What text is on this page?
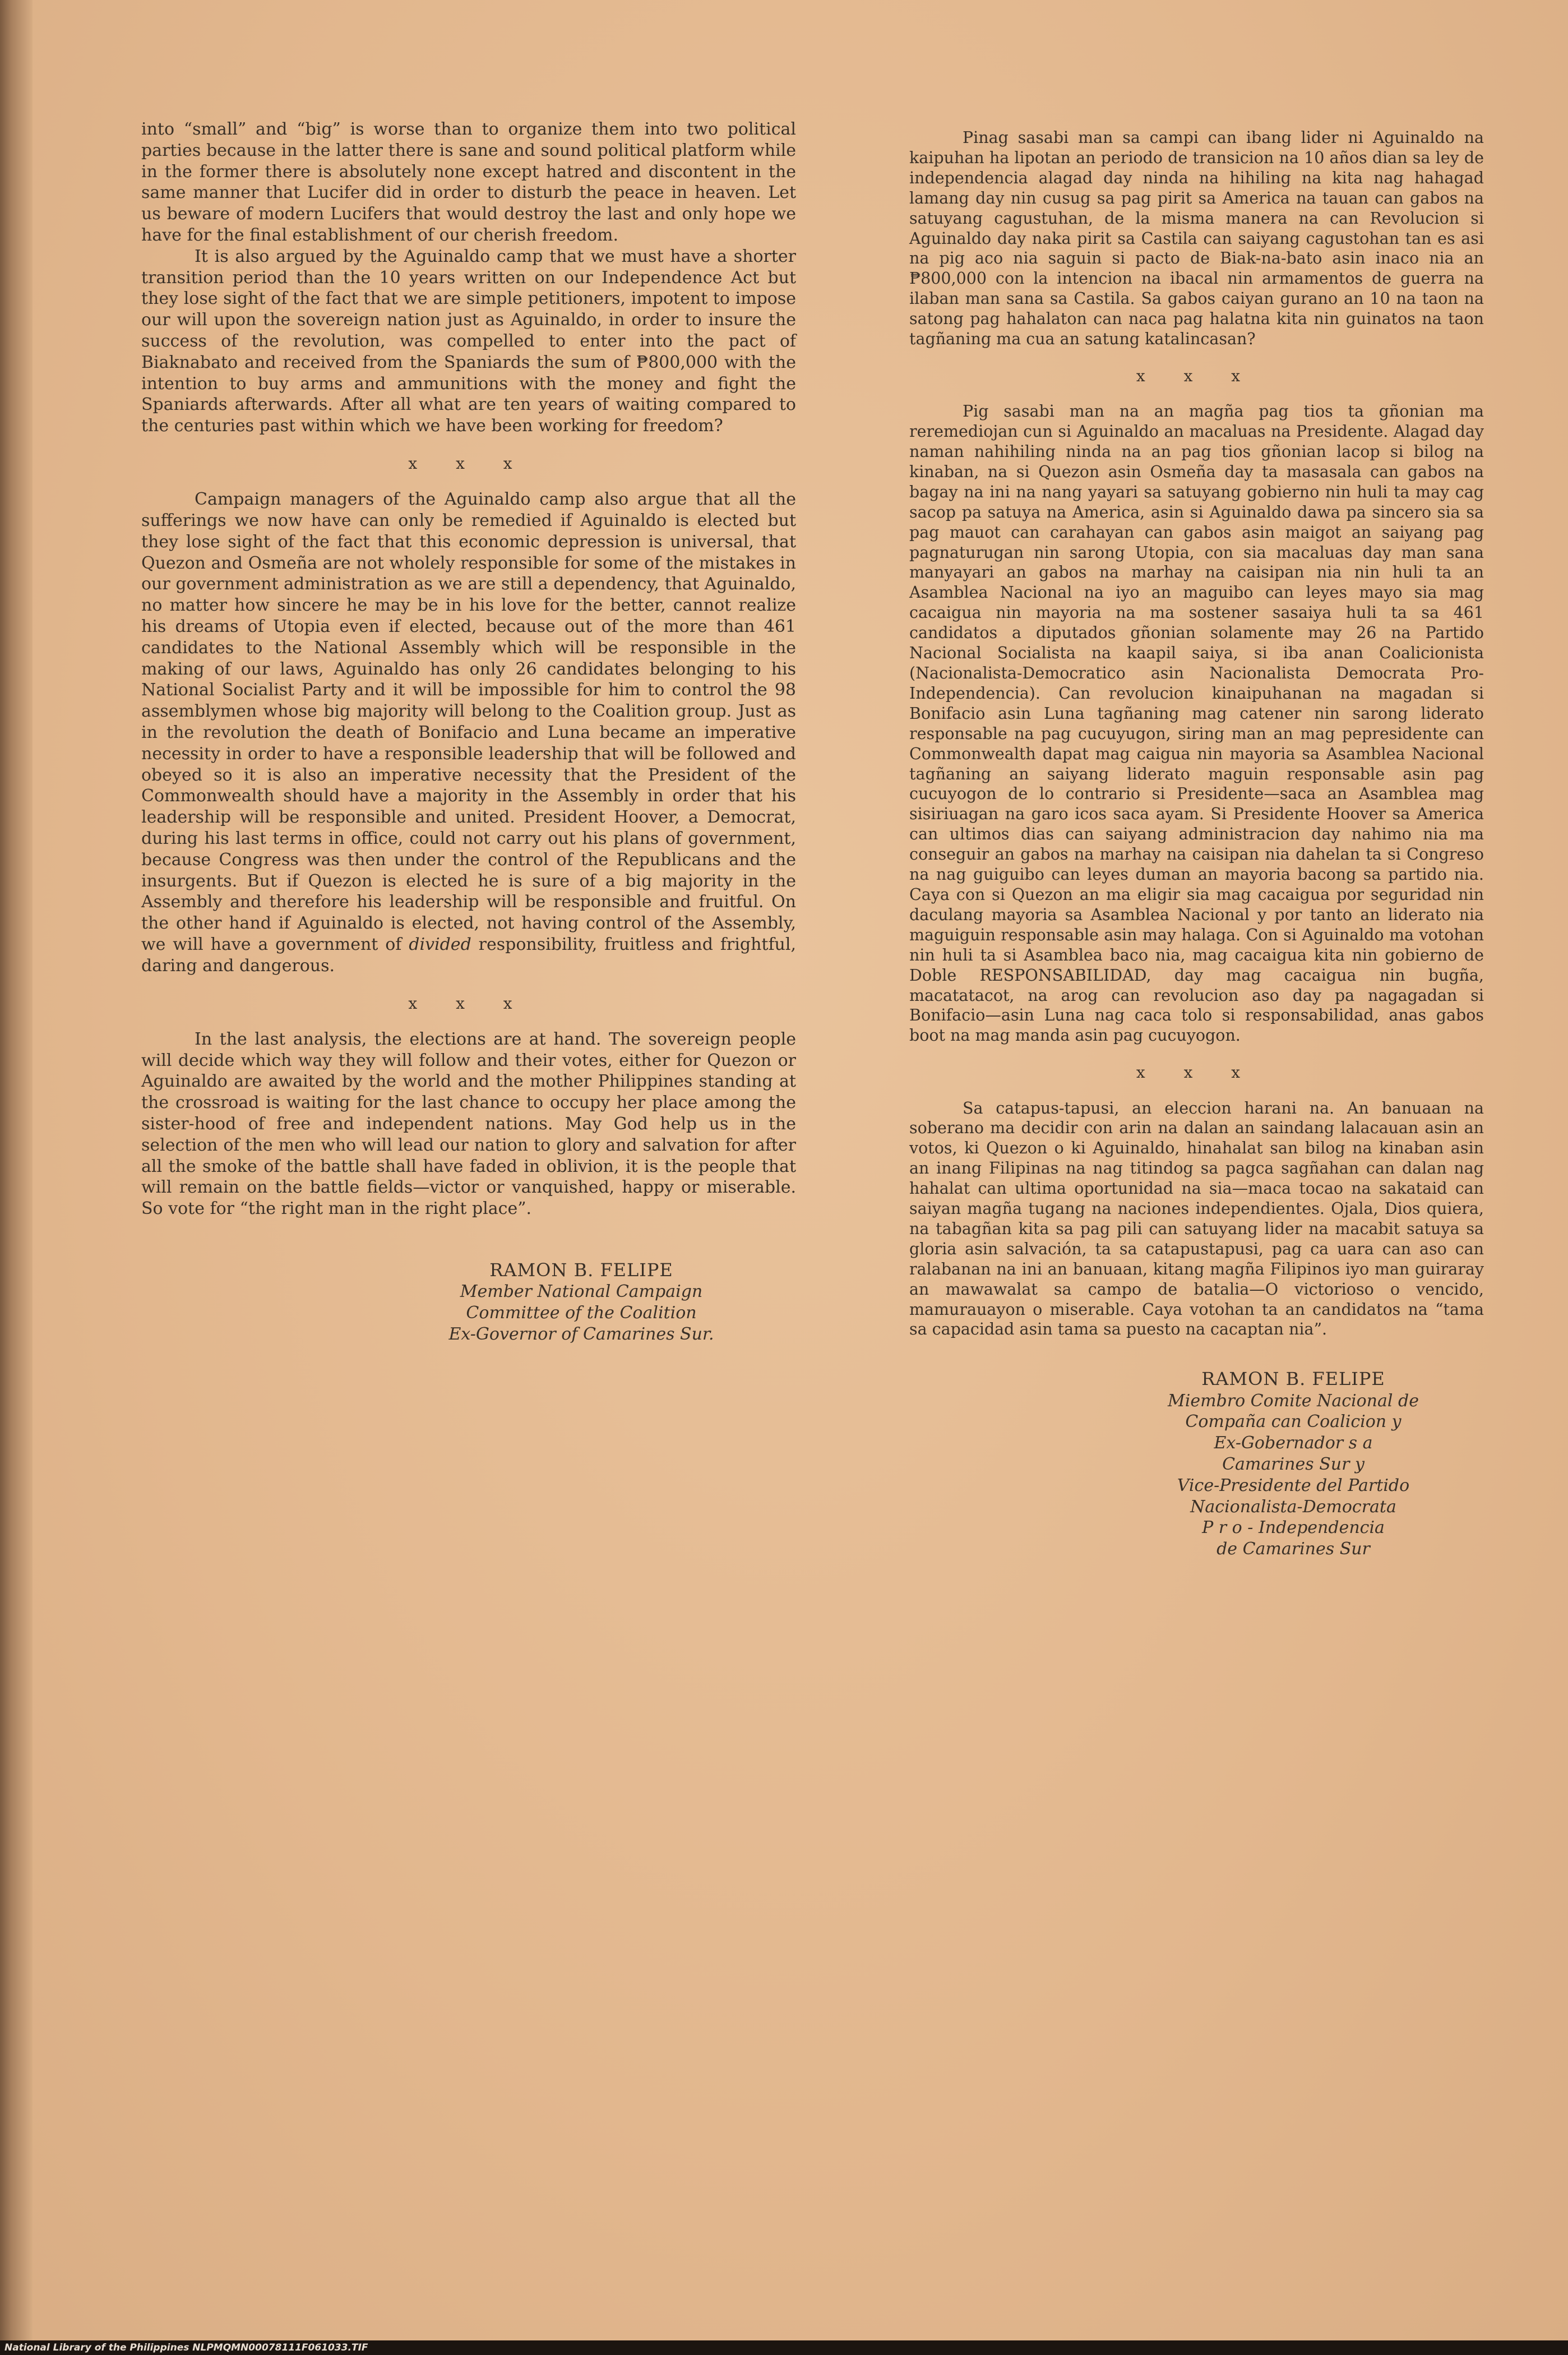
into “small” and “big” is worse than to organize them into two political parties because in the latter there is sane and sound political platform while in the former there is absolutely none except hatred and discontent in the same manner that Lucifer did in order to disturb the peace in heaven. Let us beware of modern Lucifers that would destroy the last and only hope we have for the final establishment of our cherish freedom.

It is also argued by the Aguinaldo camp that we must have a shorter transition period than the 10 years written on our Independence Act but they lose sight of the fact that we are simple petitioners, impotent to impose our will upon the sovereign nation just as Aguinaldo, in order to insure the success of the revolution, was compelled to enter into the pact of Biaknabato and received from the Spaniards the sum of ₱800,000 with the intention to buy arms and ammunitions with the money and fight the Spaniards afterwards. After all what are ten years of waiting compared to the centuries past within which we have been working for freedom?

x x x

Campaign managers of the Aguinaldo camp also argue that all the sufferings we now have can only be remedied if Aguinaldo is elected but they lose sight of the fact that this economic depression is universal, that Quezon and Osmeña are not wholely responsible for some of the mistakes in our government administration as we are still a dependency, that Aguinaldo, no matter how sincere he may be in his love for the better, cannot realize his dreams of Utopia even if elected, because out of the more than 461 candidates to the National Assembly which will be responsible in the making of our laws, Aguinaldo has only 26 candidates belonging to his National Socialist Party and it will be impossible for him to control the 98 assemblymen whose big majority will belong to the Coalition group. Just as in the revolution the death of Bonifacio and Luna became an imperative necessity in order to have a responsible leadership that will be followed and obeyed so it is also an imperative necessity that the President of the Commonwealth should have a majority in the Assembly in order that his leadership will be responsible and united. President Hoover, a Democrat, during his last terms in office, could not carry out his plans of government, because Congress was then under the control of the Republicans and the insurgents. But if Quezon is elected he is sure of a big majority in the Assembly and therefore his leadership will be responsible and fruitful. On the other hand if Aguinaldo is elected, not having control of the Assembly, we will have a government of divided responsibility, fruitless and frightful, daring and dangerous.

x x x

In the last analysis, the elections are at hand. The sovereign people will decide which way they will follow and their votes, either for Quezon or Aguinaldo are awaited by the world and the mother Philippines standing at the crossroad is waiting for the last chance to occupy her place among the sister-hood of free and independent nations. May God help us in the selection of the men who will lead our nation to glory and salvation for after all the smoke of the battle shall have faded in oblivion, it is the people that will remain on the battle fields—victor or vanquished, happy or miserable. So vote for “the right man in the right place”.

RAMON B. FELIPE
Member National Campaign
Committee of the Coalition
Ex-Governor of Camarines Sur.

Pinag sasabi man sa campi can ibang lider ni Aguinaldo na kaipuhan ha lipotan an periodo de transicion na 10 años dian sa ley de independencia alagad day ninda na hihiling na kita nag hahagad lamang day nin cusug sa pag pirit sa America na tauan can gabos na satuyang cagustuhan, de la misma manera na can Revolucion si Aguinaldo day naka pirit sa Castila can saiyang cagustohan tan es asi na pig aco nia saguin si pacto de Biak-na-bato asin inaco nia an ₱800,000 con la intencion na ibacal nin armamentos de guerra na ilaban man sana sa Castila. Sa gabos caiyan gurano an 10 na taon na satong pag hahalaton can naca pag halatna kita nin guinatos na taon tagñaning ma cua an satung katalincasan?

x x x

Pig sasabi man na an magña pag tios ta gñonian ma reremediojan cun si Aguinaldo an macaluas na Presidente. Alagad day naman nahihiling ninda na an pag tios gñonian lacop si bilog na kinaban, na si Quezon asin Osmeña day ta masasala can gabos na bagay na ini na nang yayari sa satuyang gobierno nin huli ta may cag sacop pa satuya na America, asin si Aguinaldo dawa pa sincero sia sa pag mauot can carahayan can gabos asin maigot an saiyang pag pagnaturugan nin sarong Utopia, con sia macaluas day man sana manyayari an gabos na marhay na caisipan nia nin huli ta an Asamblea Nacional na iyo an maguibo can leyes mayo sia mag cacaigua nin mayoria na ma sostener sasaiya huli ta sa 461 candidatos a diputados gñonian solamente may 26 na Partido Nacional Socialista na kaapil saiya, si iba anan Coalicionista (Nacionalista-Democratico asin Nacionalista Democrata Pro-Independencia). Can revolucion kinaipuhanan na magadan si Bonifacio asin Luna tagñaning mag catener nin sarong liderato responsable na pag cucuyugon, siring man an mag pepresidente can Commonwealth dapat mag caigua nin mayoria sa Asamblea Nacional tagñaning an saiyang liderato maguin responsable asin pag cucuyogon de lo contrario si Presidente—saca an Asamblea mag sisiriuagan na garo icos saca ayam. Si Presidente Hoover sa America can ultimos dias can saiyang administracion day nahimo nia ma conseguir an gabos na marhay na caisipan nia dahelan ta si Congreso na nag guiguibo can leyes duman an mayoria bacong sa partido nia. Caya con si Quezon an ma eligir sia mag cacaigua por seguridad nin daculang mayoria sa Asamblea Nacional y por tanto an liderato nia maguiguin responsable asin may halaga. Con si Aguinaldo ma votohan nin huli ta si Asamblea baco nia, mag cacaigua kita nin gobierno de Doble RESPONSABILIDAD, day mag cacaigua nin bugña, macatatacot, na arog can revolucion aso day pa nagagadan si Bonifacio—asin Luna nag caca tolo si responsabilidad, anas gabos boot na mag manda asin pag cucuyogon.

x x x

Sa catapus-tapusi, an eleccion harani na. An banuaan na soberano ma decidir con arin na dalan an saindang lalacauan asin an votos, ki Quezon o ki Aguinaldo, hinahalat san bilog na kinaban asin an inang Filipinas na nag titindog sa pagca sagñahan can dalan nag hahalat can ultima oportunidad na sia—maca tocao na sakataid can saiyan magña tugang na naciones independientes. Ojala, Dios quiera, na tabagñan kita sa pag pili can satuyang lider na macabit satuya sa gloria asin salvación, ta sa catapustapusi, pag ca uara can aso can ralabanan na ini an banuaan, kitang magña Filipinos iyo man guiraray an mawawalat sa campo de batalia—O victorioso o vencido, mamurauayon o miserable. Caya votohan ta an candidatos na “tama sa capacidad asin tama sa puesto na cacaptan nia”.

RAMON B. FELIPE
Miembro Comite Nacional de
Compaña can Coalicion y
Ex-Gobernador s a
Camarines Sur y
Vice-Presidente del Partido
Nacionalista-Democrata
P r o - Independencia
de Camarines Sur
National Library of the Philippines NLPMQMN00078111F061033.TIF
